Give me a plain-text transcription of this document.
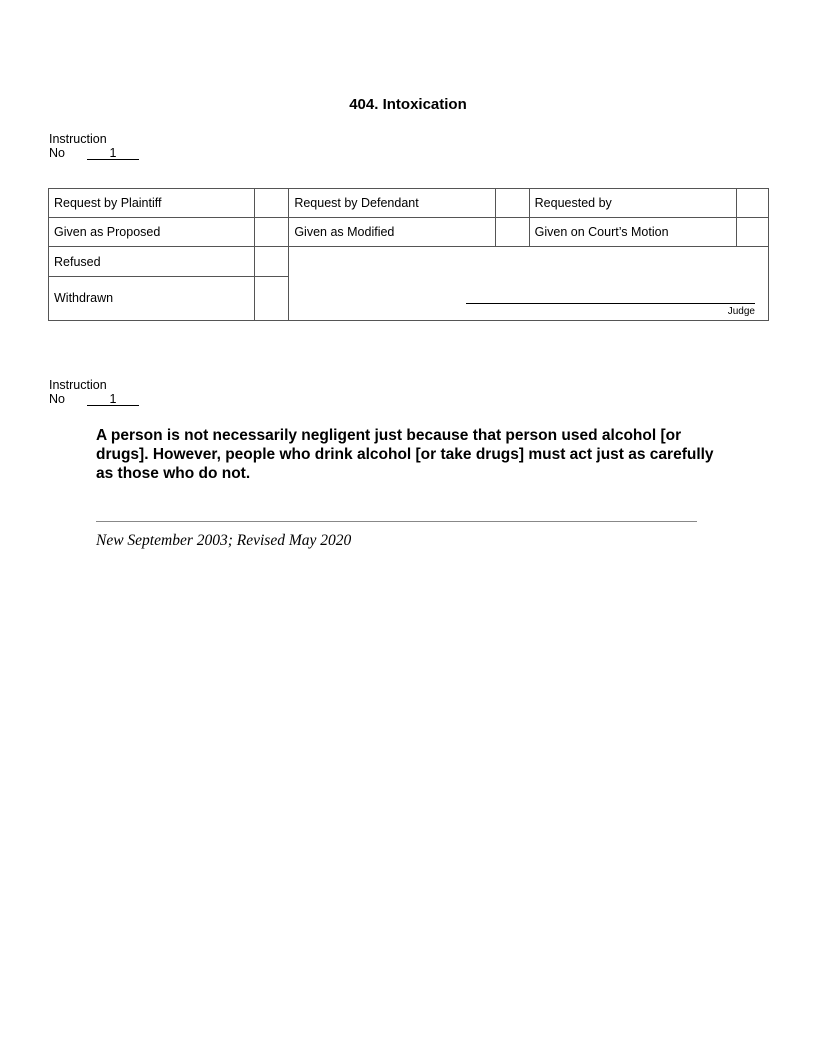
404. Intoxication
Instruction
No	1
Request by Plaintiff		Request by Defendant		Requested by	
Given as Proposed		Given as Modified		Given on Court’s Motion	
Refused		Judge			

Withdrawn					
Instruction
No	1
A person is not necessarily negligent just because that person used alcohol [or drugs]. However, people who drink alcohol [or take drugs] must act just as carefully as those who do not.
New September 2003; Revised May 2020
